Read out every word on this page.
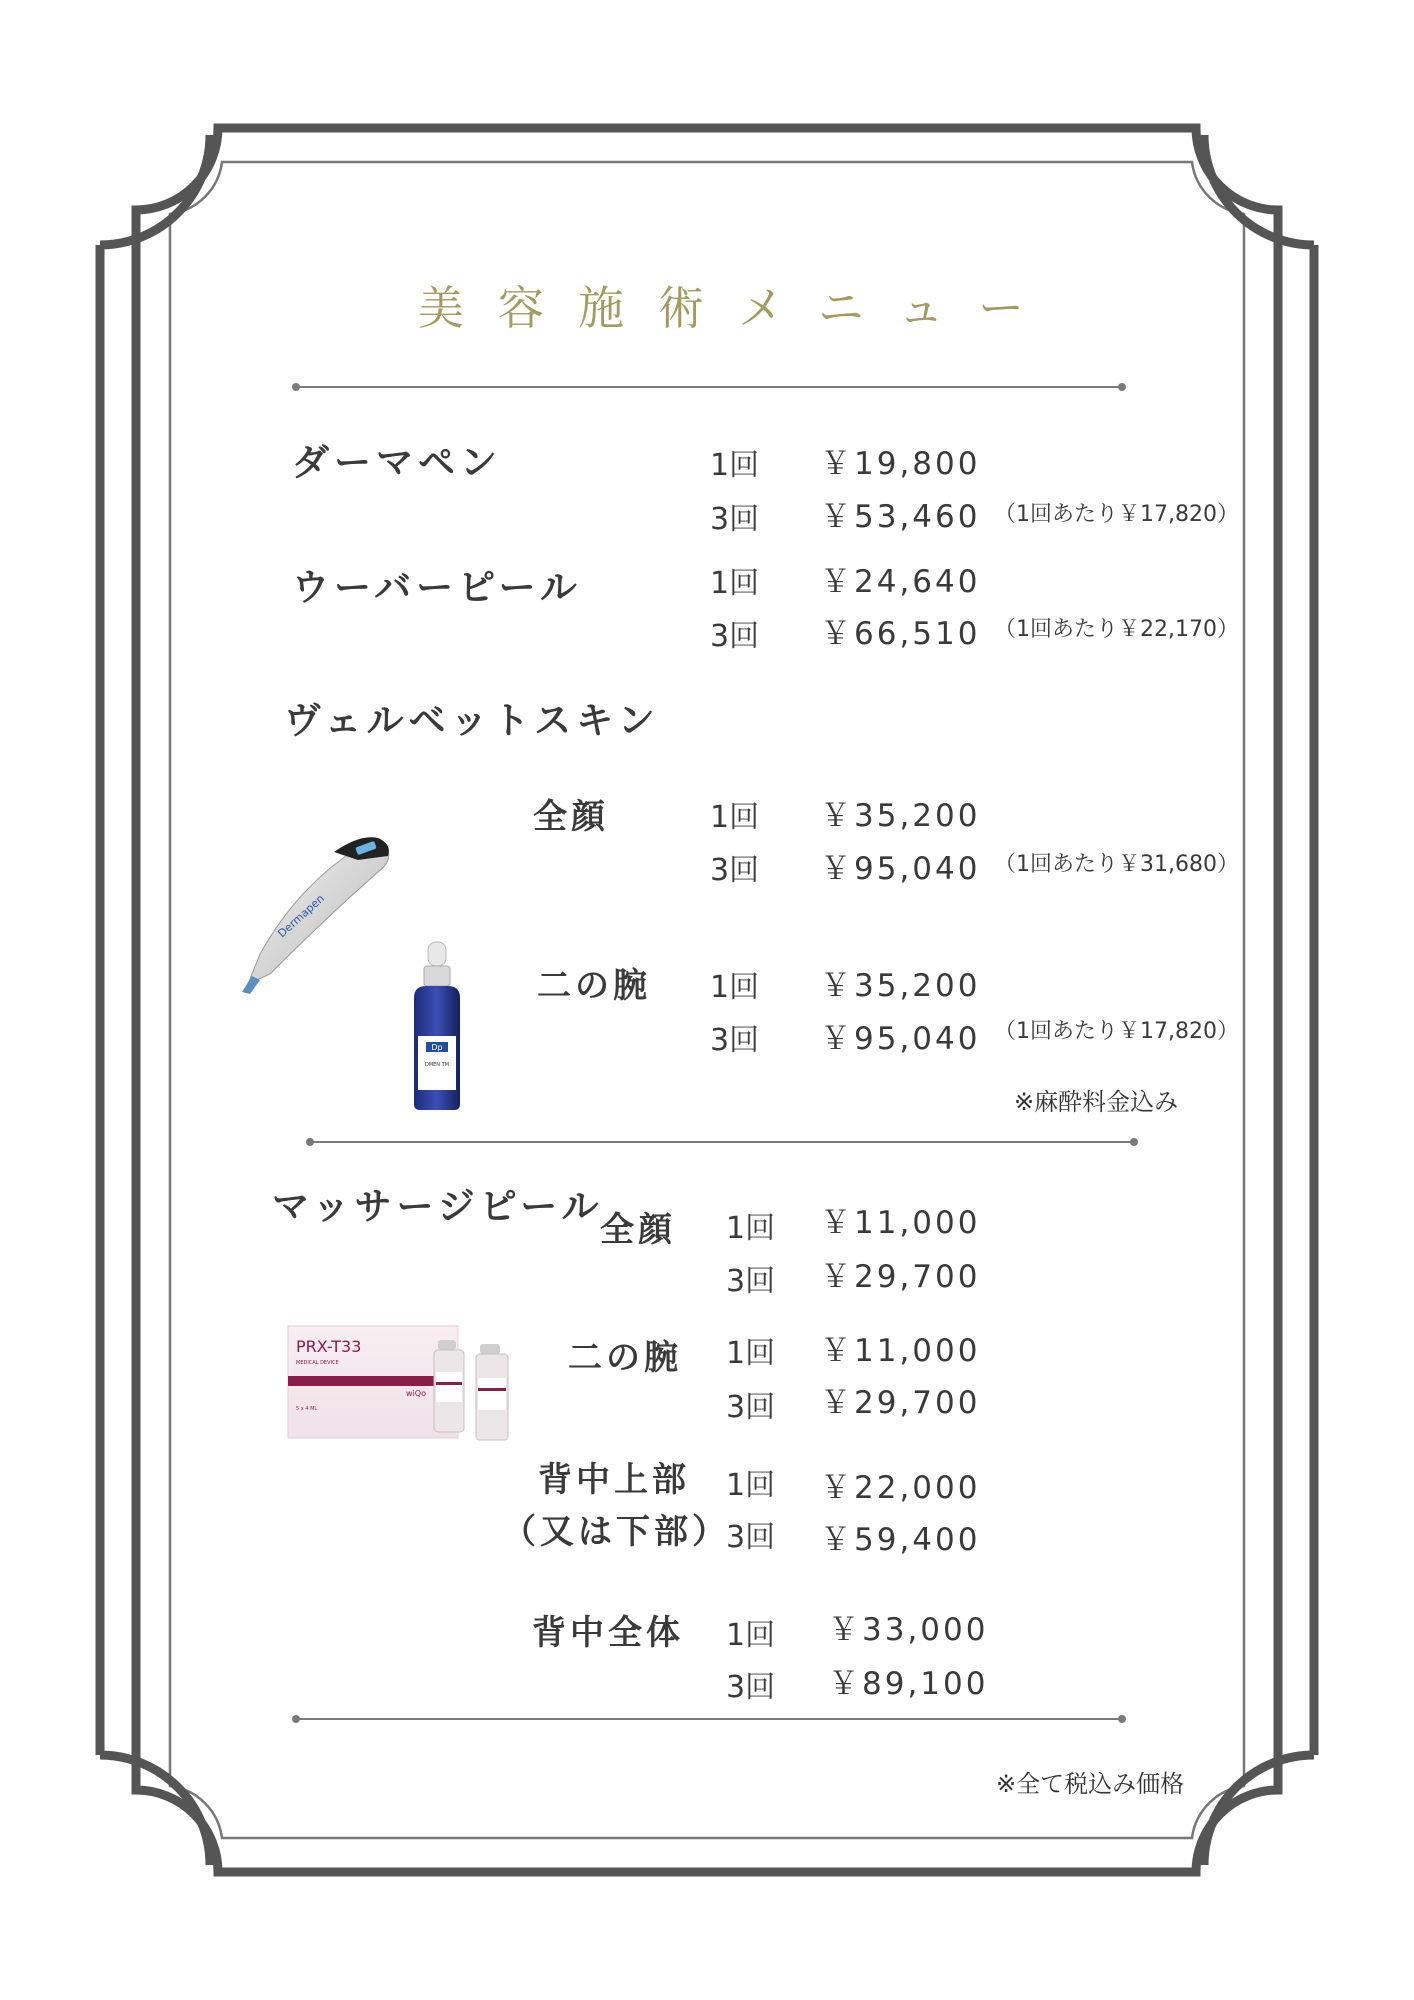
美容施術メニュー
ダーマペン	1回 ￥19,800
3回 ￥53,460 （1回あたり￥17,820）
ウーバーピール	1回 ￥24,640
3回 ￥66,510 （1回あたり￥22,170）
ヴェルベットスキン
全顔	1回 ￥35,200
3回 ￥95,040 （1回あたり￥31,680）
二の腕 1回 ￥35,200
3回 ￥95,040 （1回あたり￥17,820）
※麻酔料金込み
Dermapen
Dp
DMEN TM
マッサージピール
全顔 1回 ￥11,000
3回 ￥29,700
二の腕 1回 ￥11,000
3回 ￥29,700
背中上部
（又は下部）
1回 ￥22,000
3回 ￥59,400
背中全体 1回 ￥33,000
3回 ￥89,100
PRX-T33
MEDICAL DEVICE
wiQo
5 x 4 ML
※全て税込み価格
